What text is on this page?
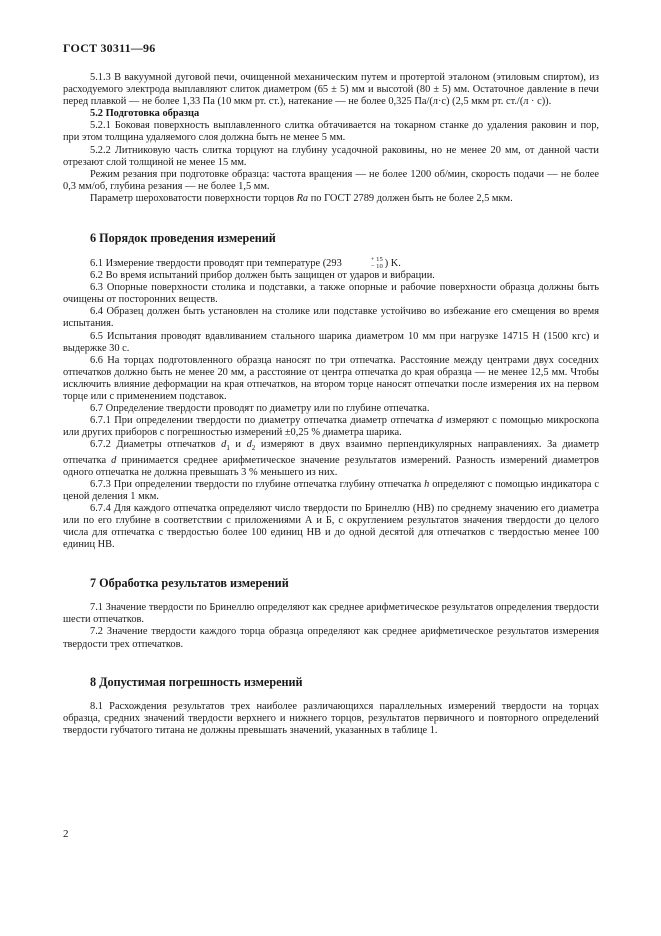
ГОСТ 30311—96

5.1.3 В вакуумной дуговой печи, очищенной механическим путем и протертой эталоном (этиловым спиртом), из расходуемого электрода выплавляют слиток диаметром (65 ± 5) мм и высотой (80 ± 5) мм. Остаточное давление в печи перед плавкой — не более 1,33 Па (10 мкм рт. ст.), натекание — не более 0,325 Па/(л·с) (2,5 мкм рт. ст./(л · с)).

5.2 Подготовка образца

5.2.1 Боковая поверхность выплавленного слитка обтачивается на токарном станке до удаления раковин и пор, при этом толщина удаляемого слоя должна быть не менее 5 мм.

5.2.2 Литниковую часть слитка торцуют на глубину усадочной раковины, но не менее 20 мм, от данной части отрезают слой толщиной не менее 15 мм.

Режим резания при подготовке образца: частота вращения — не более 1200 об/мин, скорость подачи — не более 0,3 мм/об, глубина резания — не более 1,5 мм.

Параметр шероховатости поверхности торцов Ra по ГОСТ 2789 должен быть не более 2,5 мкм.

6 Порядок проведения измерений

6.1 Измерение твердости проводят при температуре (293	+ 15
− 10 ) K.

6.2 Во время испытаний прибор должен быть защищен от ударов и вибрации.

6.3 Опорные поверхности столика и подставки, а также опорные и рабочие поверхности образца должны быть очищены от посторонних веществ.

6.4 Образец должен быть установлен на столике или подставке устойчиво во избежание его смещения во время испытания.

6.5 Испытания проводят вдавливанием стального шарика диаметром 10 мм при нагрузке 14715 Н (1500 кгс) и выдержке 30 с.

6.6 На торцах подготовленного образца наносят по три отпечатка. Расстояние между центрами двух соседних отпечатков должно быть не менее 20 мм, а расстояние от центра отпечатка до края образца — не менее 12,5 мм. Чтобы исключить влияние деформации на края отпечатков, на втором торце наносят отпечатки после измерения их на первом торце или с применением подставок.

6.7 Определение твердости проводят по диаметру или по глубине отпечатка.

6.7.1 При определении твердости по диаметру отпечатка диаметр отпечатка d измеряют с помощью микроскопа или других приборов с погрешностью измерений ±0,25 % диаметра шарика.

6.7.2 Диаметры отпечатков $d_1$ и $d_2$ измеряют в двух взаимно перпендикулярных направлениях. За диаметр отпечатка d принимается среднее арифметическое значение результатов измерений. Разность измерений диаметров одного отпечатка не должна превышать 3 % меньшего из них.

6.7.3 При определении твердости по глубине отпечатка глубину отпечатка h определяют с помощью индикатора с ценой деления 1 мкм.

6.7.4 Для каждого отпечатка определяют число твердости по Бринеллю (НВ) по среднему значению его диаметра или по его глубине в соответствии с приложениями А и Б, с округлением результатов значения твердости до целого числа для отпечатка с твердостью более 100 единиц НВ и до одной десятой для отпечатков с твердостью менее 100 единиц НВ.

7 Обработка результатов измерений

7.1 Значение твердости по Бринеллю определяют как среднее арифметическое результатов определения твердости шести отпечатков.

7.2 Значение твердости каждого торца образца определяют как среднее арифметическое результатов измерения твердости трех отпечатков.

8 Допустимая погрешность измерений

8.1 Расхождения результатов трех наиболее различающихся параллельных измерений твердости на торцах образца, средних значений твердости верхнего и нижнего торцов, результатов первичного и повторного определений твердости губчатого титана не должны превышать значений, указанных в таблице 1.

2
